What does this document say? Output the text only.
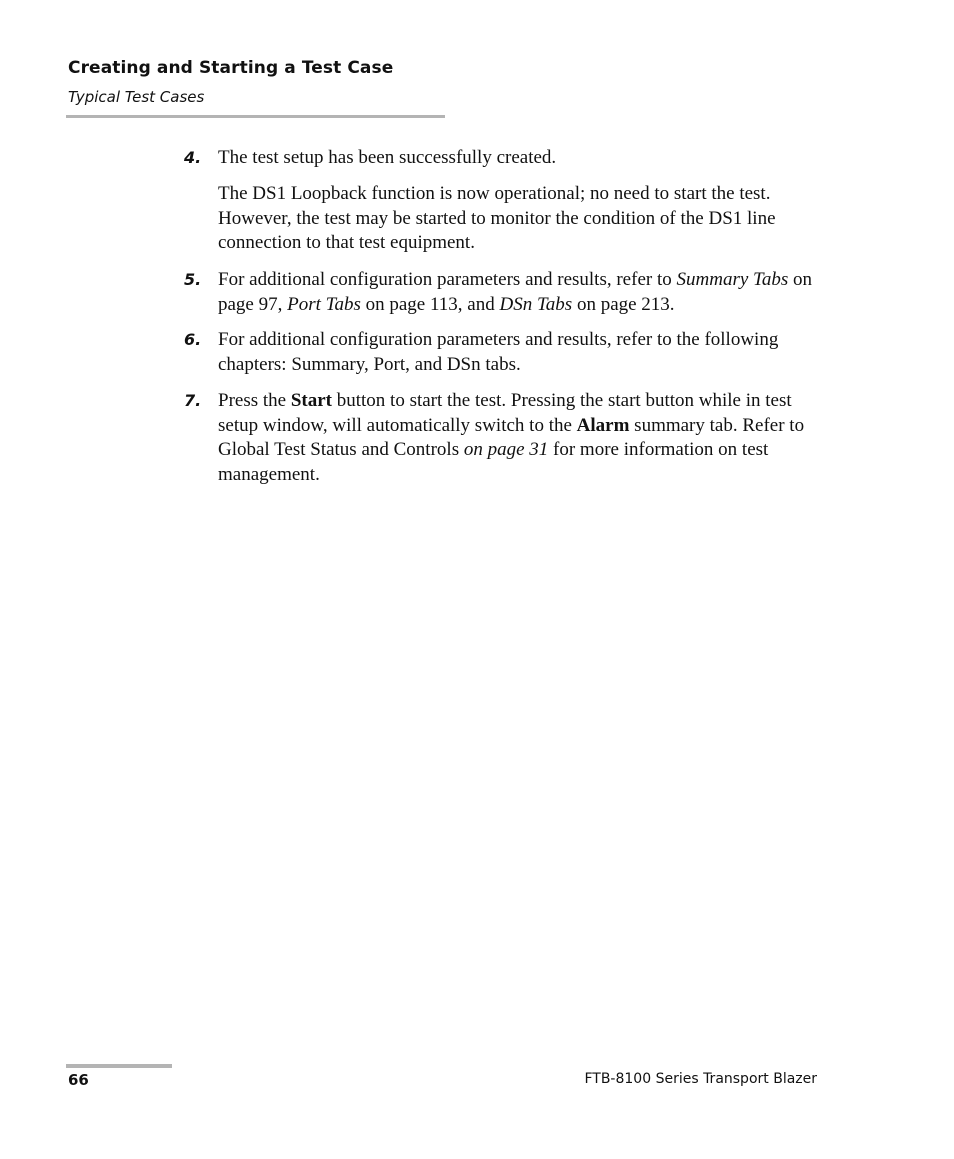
Creating and Starting a Test Case
Typical Test Cases
4. The test setup has been successfully created.

The DS1 Loopback function is now operational; no need to start the test. However, the test may be started to monitor the condition of the DS1 line connection to that test equipment.

5. For additional configuration parameters and results, refer to Summary Tabs on page 97, Port Tabs on page 113, and DSn Tabs on page 213.

6. For additional configuration parameters and results, refer to the following chapters: Summary, Port, and DSn tabs.

7. Press the Start button to start the test. Pressing the start button while in test setup window, will automatically switch to the Alarm summary tab. Refer to Global Test Status and Controls on page 31 for more information on test management.

66	FTB-8100 Series Transport Blazer
